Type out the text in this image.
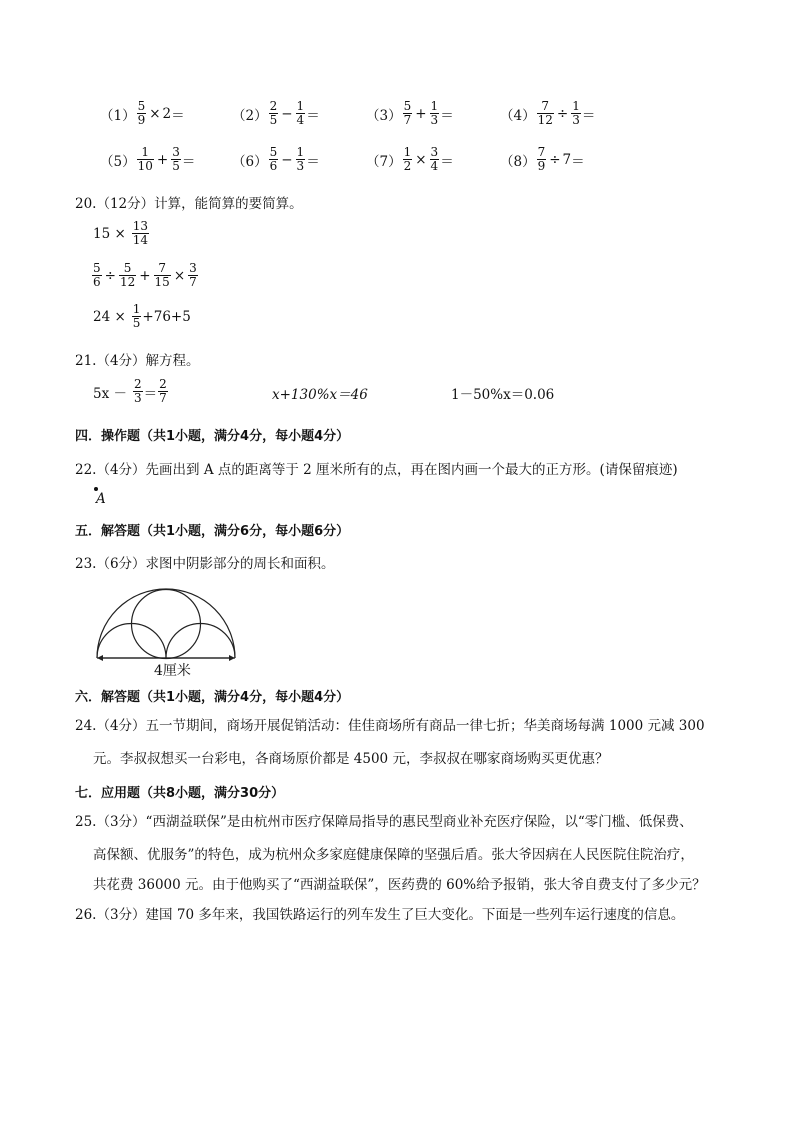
$(1) \frac{5}{9} \times 2$ ＝	$(2) \frac{2}{5} - \frac{1}{4}$ ＝	$(3) \frac{5}{7} + \frac{1}{3}$ ＝	$(4) \frac{7}{12} \div \frac{1}{3}$ ＝
$(5) \frac{1}{10} + \frac{3}{5}$ ＝	$(6) \frac{5}{6} - \frac{1}{3}$ ＝	$(7) \frac{1}{2} \times \frac{3}{4}$ ＝	$(8) \frac{7}{9} \div 7$ ＝
20.（12分）计算，能简算的要简算。
$15 \times \frac{13}{14}$
$\frac{5}{6} \div \frac{5}{12} + \frac{7}{15} \times \frac{3}{7}$
$24 \times \frac{1}{5} +76+5$
21.（4分）解方程。
$5x - \frac{2}{3} = \frac{2}{7}$	x+130%x＝46	1－50%x＝0.06
四．操作题（共1小题，满分4分，每小题4分）
22.（4分）先画出到 A 点的距离等于 2 厘米所有的点，再在图内画一个最大的正方形。(请保留痕迹)
A
五．解答题（共1小题，满分6分，每小题6分）
23.（6分）求图中阴影部分的周长和面积。
4厘米
六．解答题（共1小题，满分4分，每小题4分）
24.（4分）五一节期间，商场开展促销活动：佳佳商场所有商品一律七折；华美商场每满 1000 元减 300
元。李叔叔想买一台彩电，各商场原价都是 4500 元，李叔叔在哪家商场购买更优惠？
七．应用题（共8小题，满分30分）
25.（3分）“西湖益联保”是由杭州市医疗保障局指导的惠民型商业补充医疗保险，以“零门槛、低保费、
高保额、优服务”的特色，成为杭州众多家庭健康保障的坚强后盾。张大爷因病在人民医院住院治疗，
共花费 36000 元。由于他购买了“西湖益联保”，医药费的 60%给予报销，张大爷自费支付了多少元？
26.（3分）建国 70 多年来，我国铁路运行的列车发生了巨大变化。下面是一些列车运行速度的信息。
